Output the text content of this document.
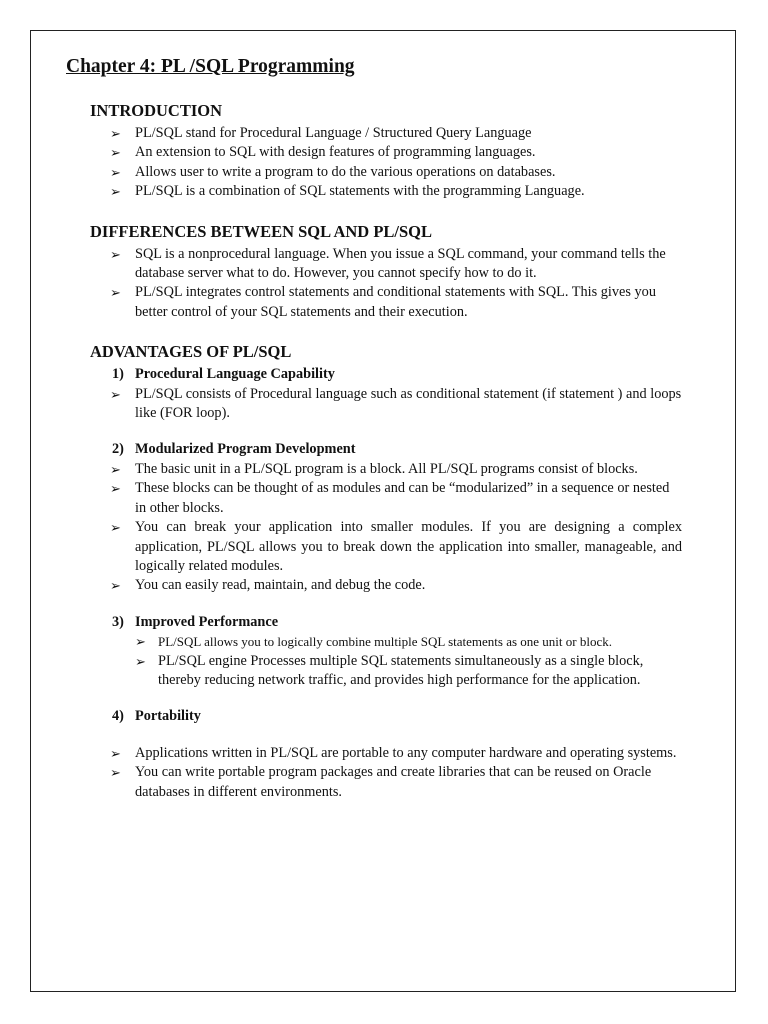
Chapter 4: PL /SQL Programming
INTRODUCTION
➢ PL/SQL stand for Procedural Language / Structured Query Language
➢ An extension to SQL with design features of programming languages.
➢ Allows user to write a program to do the various operations on databases.
➢ PL/SQL is a combination of SQL statements with the programming Language.
DIFFERENCES BETWEEN SQL AND PL/SQL
➢ SQL is a nonprocedural language. When you issue a SQL command, your command tells the database server what to do. However, you cannot specify how to do it.
➢ PL/SQL integrates control statements and conditional statements with SQL. This gives you better control of your SQL statements and their execution.
ADVANTAGES OF PL/SQL
1) Procedural Language Capability
➢ PL/SQL consists of Procedural language such as conditional statement (if statement ) and loops like (FOR loop).
2) Modularized Program Development
➢ The basic unit in a PL/SQL program is a block. All PL/SQL programs consist of blocks.
➢ These blocks can be thought of as modules and can be “modularized” in a sequence or nested in other blocks.
➢ You can break your application into smaller modules. If you are designing a complex application, PL/SQL allows you to break down the application into smaller, manageable, and logically related modules.
➢ You can easily read, maintain, and debug the code.
3) Improved Performance
➢ PL/SQL allows you to logically combine multiple SQL statements as one unit or block.
➢ PL/SQL engine Processes multiple SQL statements simultaneously as a single block, thereby reducing network traffic, and provides high performance for the application.
4) Portability
➢ Applications written in PL/SQL are portable to any computer hardware and operating systems.
➢ You can write portable program packages and create libraries that can be reused on Oracle databases in different environments.
